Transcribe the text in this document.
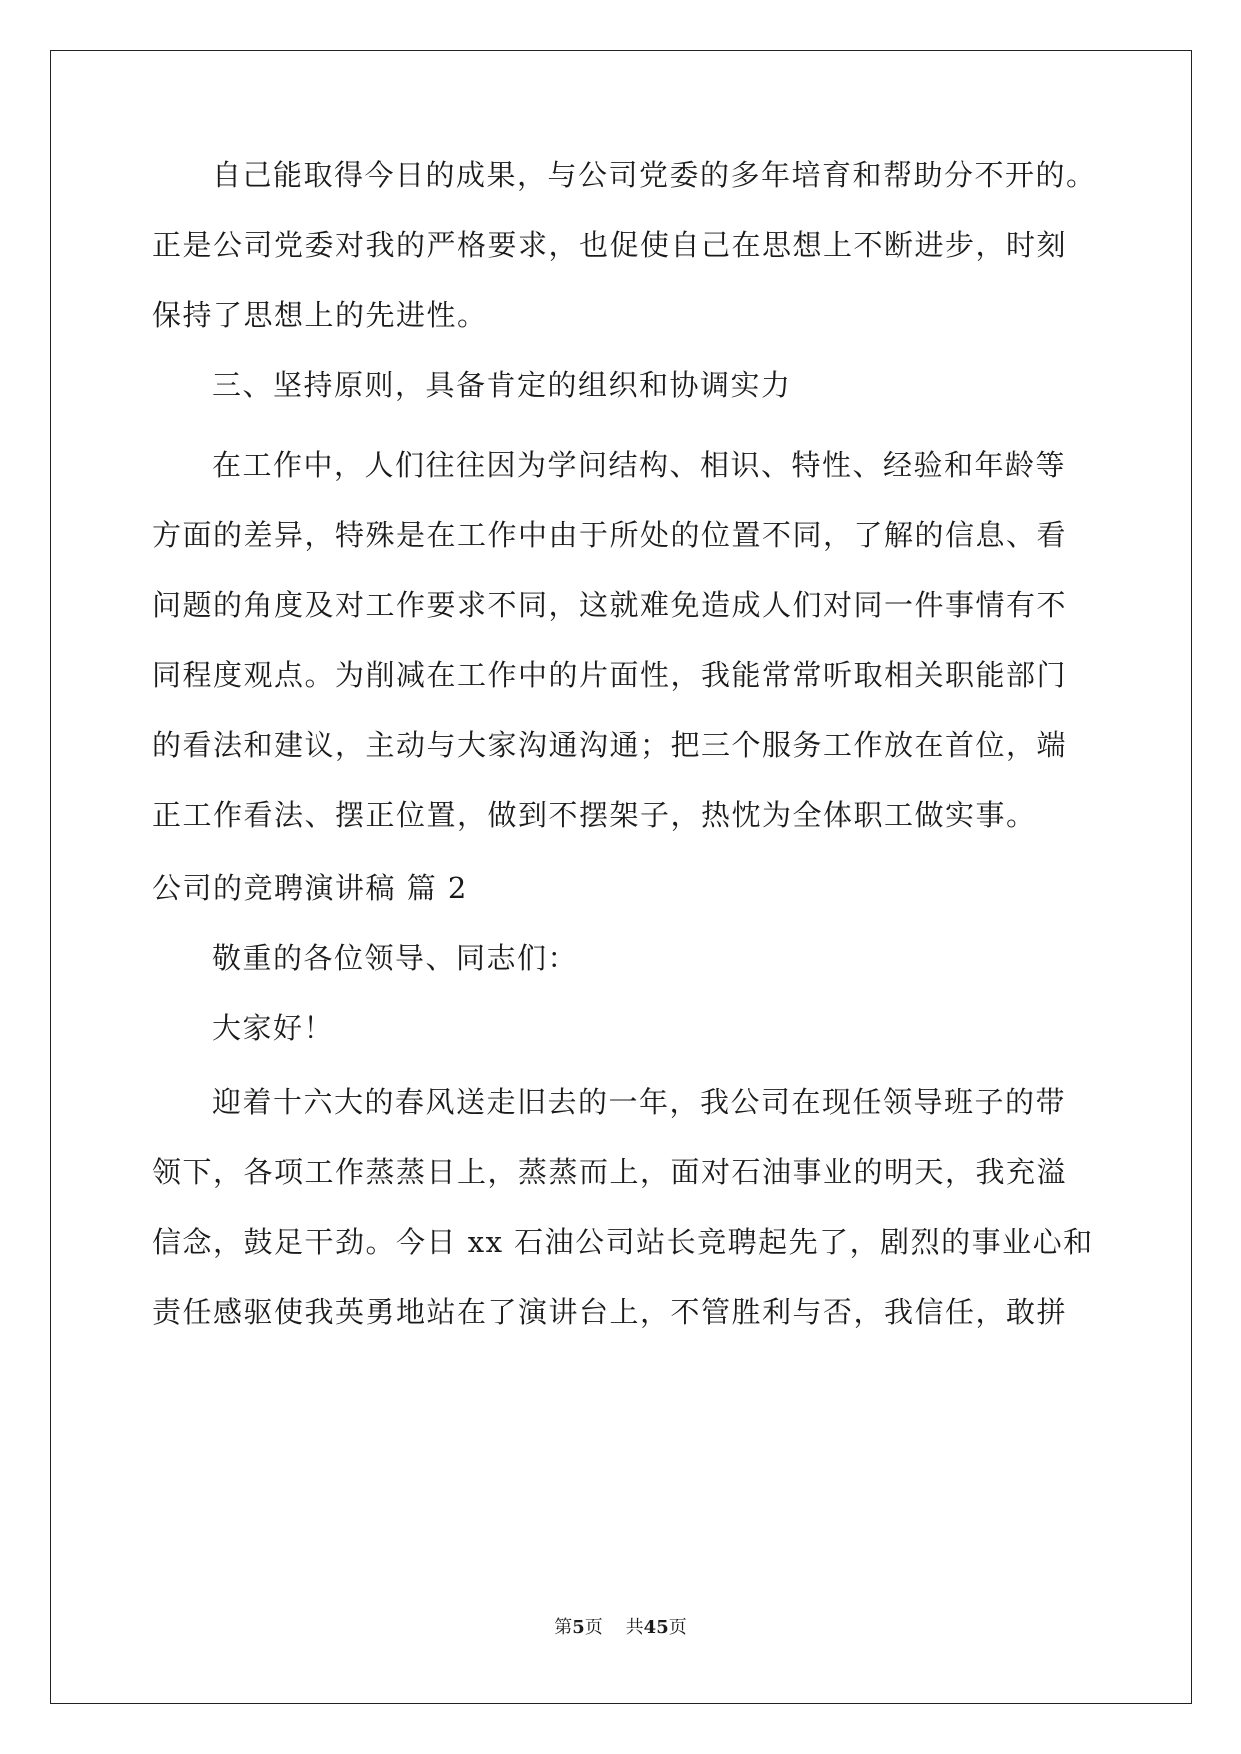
自己能取得今日的成果，与公司党委的多年培育和帮助分不开的。
正是公司党委对我的严格要求，也促使自己在思想上不断进步，时刻
保持了思想上的先进性。
三、坚持原则，具备肯定的组织和协调实力
在工作中，人们往往因为学问结构、相识、特性、经验和年龄等
方面的差异，特殊是在工作中由于所处的位置不同，了解的信息、看
问题的角度及对工作要求不同，这就难免造成人们对同一件事情有不
同程度观点。为削减在工作中的片面性，我能常常听取相关职能部门
的看法和建议，主动与大家沟通沟通；把三个服务工作放在首位，端
正工作看法、摆正位置，做到不摆架子，热忱为全体职工做实事。
公司的竞聘演讲稿 篇 2
敬重的各位领导、同志们：
大家好！
迎着十六大的春风送走旧去的一年，我公司在现任领导班子的带
领下，各项工作蒸蒸日上，蒸蒸而上，面对石油事业的明天，我充溢
信念，鼓足干劲。今日 xx 石油公司站长竞聘起先了，剧烈的事业心和
责任感驱使我英勇地站在了演讲台上，不管胜利与否，我信任，敢拼
第5页    共45页
